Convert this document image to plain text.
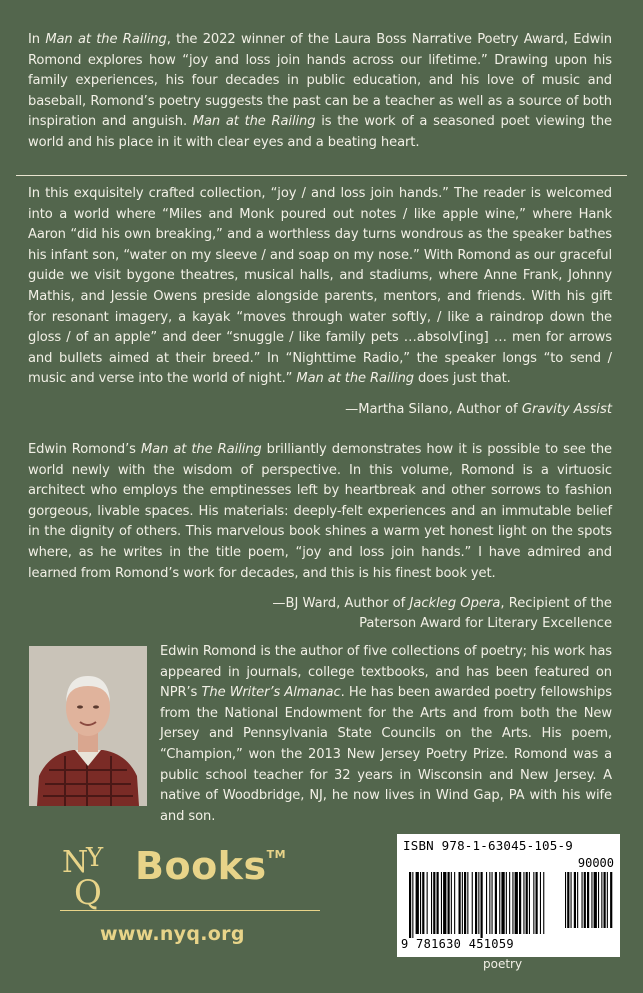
In Man at the Railing, the 2022 winner of the Laura Boss Narrative Poetry Award, Edwin Romond explores how “joy and loss join hands across our lifetime.” Drawing upon his family experiences, his four decades in public education, and his love of music and baseball, Romond’s poetry suggests the past can be a teacher as well as a source of both inspiration and anguish. Man at the Railing is the work of a seasoned poet viewing the world and his place in it with clear eyes and a beating heart.
In this exquisitely crafted collection, “joy / and loss join hands.” The reader is welcomed into a world where “Miles and Monk poured out notes / like apple wine,” where Hank Aaron “did his own breaking,” and a worthless day turns wondrous as the speaker bathes his infant son, “water on my sleeve / and soap on my nose.” With Romond as our graceful guide we visit bygone theatres, musical halls, and stadiums, where Anne Frank, Johnny Mathis, and Jessie Owens preside alongside parents, mentors, and friends. With his gift for resonant imagery, a kayak “moves through water softly, / like a raindrop down the gloss / of an apple” and deer “snuggle / like family pets …absolv[ing] … men for arrows and bullets aimed at their breed.” In “Nighttime Radio,” the speaker longs “to send / music and verse into the world of night.” Man at the Railing does just that.
—Martha Silano, Author of Gravity Assist
Edwin Romond’s Man at the Railing brilliantly demonstrates how it is possible to see the world newly with the wisdom of perspective. In this volume, Romond is a virtuosic architect who employs the emptinesses left by heartbreak and other sorrows to fashion gorgeous, livable spaces. His materials: deeply-felt experiences and an immutable belief in the dignity of others. This marvelous book shines a warm yet honest light on the spots where, as he writes in the title poem, “joy and loss join hands.” I have admired and learned from Romond’s work for decades, and this is his finest book yet.
—BJ Ward, Author of Jackleg Opera, Recipient of the
Paterson Award for Literary Excellence
Edwin Romond is the author of five collections of poetry; his work has appeared in journals, college textbooks, and has been featured on NPR’s The Writer’s Almanac. He has been awarded poetry fellowships from the National Endowment for the Arts and from both the New Jersey and Pennsylvania State Councils on the Arts. His poem, “Champion,” won the 2013 New Jersey Poetry Prize. Romond was a public school teacher for 32 years in Wisconsin and New Jersey. A native of Woodbridge, NJ, he now lives in Wind Gap, PA with his wife and son.
N
Y
Q
Books™
www.nyq.org
ISBN 978-1-63045-105-9
90000
9 781630 451059
poetry
